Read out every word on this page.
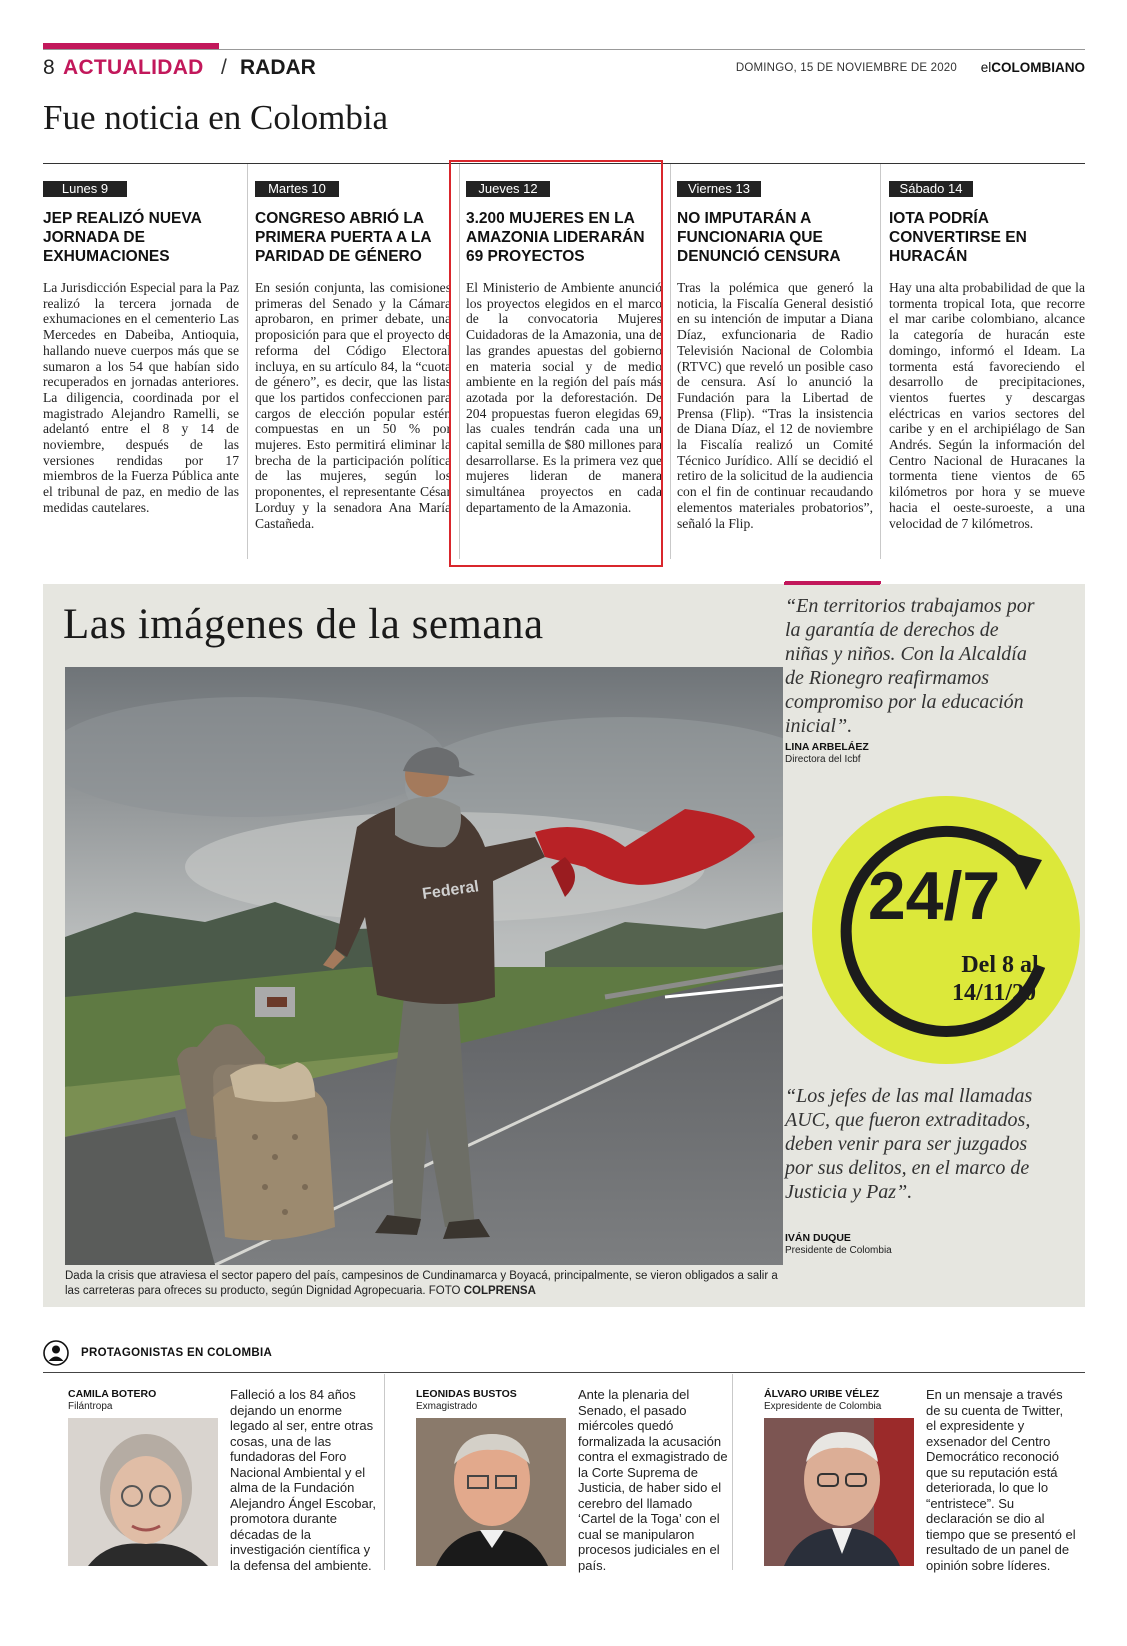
8 ACTUALIDAD / RADAR	DOMINGO, 15 DE NOVIEMBRE DE 2020 elCOLOMBIANO
Fue noticia en Colombia
Lunes 9
JEP REALIZÓ NUEVA JORNADA DE EXHUMACIONES

La Jurisdicción Especial para la Paz realizó la tercera jornada de exhumaciones en el cementerio Las Mercedes en Dabeiba, Antioquia, hallando nueve cuerpos más que se sumaron a los 54 que habían sido recuperados en jornadas anteriores. La diligencia, coordinada por el magistrado Alejandro Ramelli, se adelantó entre el 8 y 14 de noviembre, después de las versiones rendidas por 17 miembros de la Fuerza Pública ante el tribunal de paz, en medio de las medidas cautelares.

Martes 10
CONGRESO ABRIÓ LA PRIMERA PUERTA A LA PARIDAD DE GÉNERO

En sesión conjunta, las comisiones primeras del Senado y la Cámara aprobaron, en primer debate, una proposición para que el proyecto de reforma del Código Electoral incluya, en su artículo 84, la “cuota de género”, es decir, que las listas que los partidos confeccionen para cargos de elección popular estén compuestas en un 50 % por mujeres. Esto permitirá eliminar la brecha de la participación política de las mujeres, según los proponentes, el representante César Lorduy y la senadora Ana María Castañeda.

Jueves 12
3.200 MUJERES EN LA AMAZONIA LIDERARÁN 69 PROYECTOS

El Ministerio de Ambiente anunció los proyectos elegidos en el marco de la convocatoria Mujeres Cuidadoras de la Amazonia, una de las grandes apuestas del gobierno en materia social y de medio ambiente en la región del país más azotada por la deforestación. De 204 propuestas fueron elegidas 69, las cuales tendrán cada una un capital semilla de $80 millones para desarrollarse. Es la primera vez que mujeres lideran de manera simultánea proyectos en cada departamento de la Amazonia.

Viernes 13
NO IMPUTARÁN A FUNCIONARIA QUE DENUNCIÓ CENSURA

Tras la polémica que generó la noticia, la Fiscalía General desistió en su intención de imputar a Diana Díaz, exfuncionaria de Radio Televisión Nacional de Colombia (RTVC) que reveló un posible caso de censura. Así lo anunció la Fundación para la Libertad de Prensa (Flip). “Tras la insistencia de Diana Díaz, el 12 de noviembre la Fiscalía realizó un Comité Técnico Jurídico. Allí se decidió el retiro de la solicitud de la audiencia con el fin de continuar recaudando elementos materiales probatorios”, señaló la Flip.

Sábado 14
IOTA PODRÍA CONVERTIRSE EN HURACÁN

Hay una alta probabilidad de que la tormenta tropical Iota, que recorre el mar caribe colombiano, alcance la categoría de huracán este domingo, informó el Ideam. La tormenta está favoreciendo el desarrollo de precipitaciones, vientos fuertes y descargas eléctricas en varios sectores del caribe y en el archipiélago de San Andrés. Según la información del Centro Nacional de Huracanes la tormenta tiene vientos de 65 kilómetros por hora y se mueve hacia el oeste-suroeste, a una velocidad de 7 kilómetros.

Las imágenes de la semana
Federal

Dada la crisis que atraviesa el sector papero del país, campesinos de Cundinamarca y Boyacá, principalmente, se vieron obligados a salir a las carreteras para ofreces su producto, según Dignidad Agropecuaria. FOTO COLPRENSA

“En territorios trabajamos por la garantía de derechos de niñas y niños. Con la Alcaldía de Rionegro reafirmamos compromiso por la educación inicial”.

LINA ARBELÁEZ
Directora del Icbf
24/7
Del 8 al
14/11/20

“Los jefes de las mal llamadas AUC, que fueron extraditados, deben venir para ser juzgados por sus delitos, en el marco de Justicia y Paz”.

IVÁN DUQUE
Presidente de Colombia
PROTAGONISTAS EN COLOMBIA
CAMILA BOTERO
Filántropa

Falleció a los 84 años dejando un enorme legado al ser, entre otras cosas, una de las fundadoras del Foro Nacional Ambiental y el alma de la Fundación Alejandro Ángel Escobar, promotora durante décadas de la investigación científica y la defensa del ambiente.

LEONIDAS BUSTOS
Exmagistrado

Ante la plenaria del Senado, el pasado miércoles quedó formalizada la acusación contra el exmagistrado de la Corte Suprema de Justicia, de haber sido el cerebro del llamado ‘Cartel de la Toga’ con el cual se manipularon procesos judiciales en el país.

ÁLVARO URIBE VÉLEZ
Expresidente de Colombia

En un mensaje a través de su cuenta de Twitter, el expresidente y exsenador del Centro Democrático reconoció que su reputación está deteriorada, lo que lo “entristece”. Su declaración se dio al tiempo que se presentó el resultado de un panel de opinión sobre líderes.
